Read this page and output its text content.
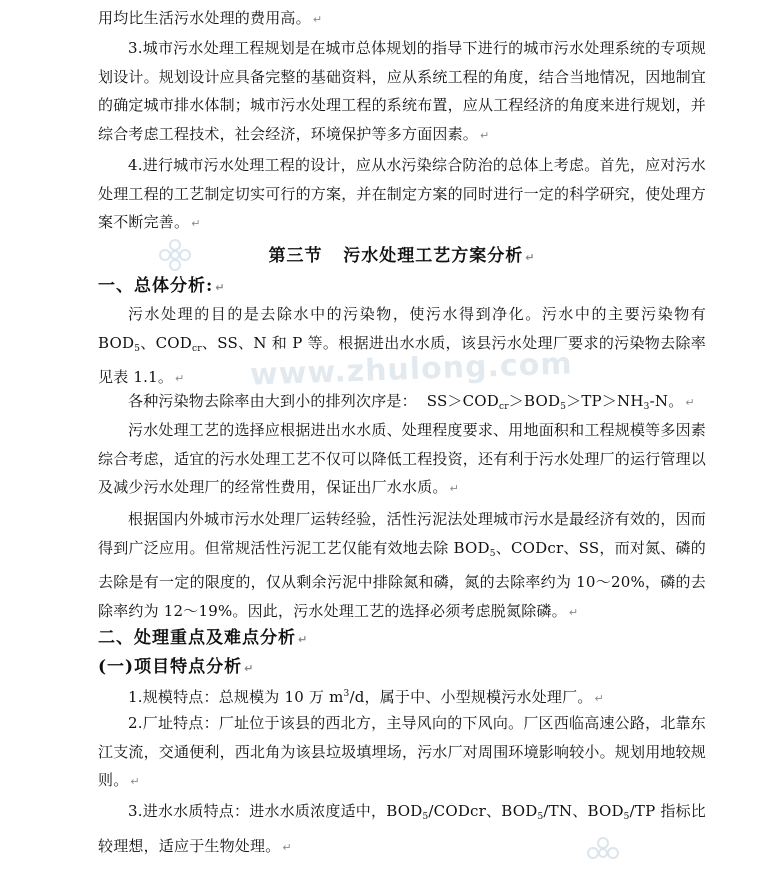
www.zhulong.com

用均比生活污水处理的费用高。 ↵

3.城市污水处理工程规划是在城市总体规划的指导下进行的城市污水处理系统的专项规划设计。规划设计应具备完整的基础资料，应从系统工程的角度，结合当地情况，因地制宜的确定城市排水体制；城市污水处理工程的系统布置，应从工程经济的角度来进行规划，并综合考虑工程技术，社会经济，环境保护等多方面因素。 ↵

4.进行城市污水处理工程的设计，应从水污染综合防治的总体上考虑。首先，应对污水处理工程的工艺制定切实可行的方案，并在制定方案的同时进行一定的科学研究，使处理方案不断完善。 ↵

第三节   污水处理工艺方案分析 ↵

一、总体分析: ↵

污水处理的目的是去除水中的污染物，使污水得到净化。污水中的主要污染物有$BOD_5$、$COD_{cr}$、SS、N 和 P 等。根据进出水水质，该县污水处理厂要求的污染物去除率见表 1.1。 ↵

各种污染物去除率由大到小的排列次序是：  $SS>COD_{cr}>BOD_5>TP>NH_3-N$。 ↵

污水处理工艺的选择应根据进出水水质、处理程度要求、用地面积和工程规模等多因素综合考虑，适宜的污水处理工艺不仅可以降低工程投资，还有利于污水处理厂的运行管理以及减少污水处理厂的经常性费用，保证出厂水水质。 ↵

根据国内外城市污水处理厂运转经验，活性污泥法处理城市污水是最经济有效的，因而得到广泛应用。但常规活性污泥工艺仅能有效地去除 $BOD_5$、CODcr、SS，而对氮、磷的去除是有一定的限度的，仅从剩余污泥中排除氮和磷，氮的去除率约为 10～20%，磷的去除率约为 12～19%。因此，污水处理工艺的选择必须考虑脱氮除磷。 ↵

二、处理重点及难点分析 ↵

(一)项目特点分析 ↵

1.规模特点：总规模为 10 万 $m^3/d$，属于中、小型规模污水处理厂。 ↵

2.厂址特点：厂址位于该县的西北方，主导风向的下风向。厂区西临高速公路，北靠东江支流，交通便利，西北角为该县垃圾填埋场，污水厂对周围环境影响较小。规划用地较规则。 ↵

3.进水水质特点：进水水质浓度适中，$BOD_5$/CODcr、$BOD_5/TN$、$BOD_5/TP$ 指标比较理想，适应于生物处理。 ↵
